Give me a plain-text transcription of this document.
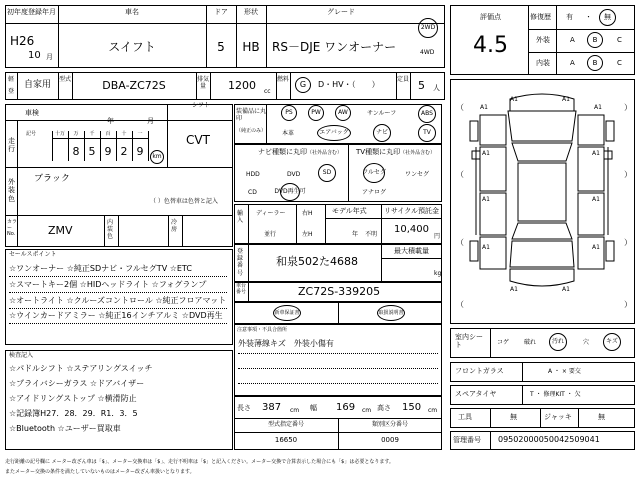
初年度登録年月	車名	ドア	形状	グレード
H26
10 月
スイフト	5	HB	RS－DJE ワンオーナー
2WD
4WD
軽
登
自家用
型式	DBA-ZC72S	排気量	1200 cc
燃料
G	D・HV・（　　）
定員 5 人
車検
年	月
シフト
CVT
走行
記号	十万	万	千	百	十	一
8 5 9 2 9	km
外装色
ブラック
（ ）色替車は色替と記入
カラー No.	ZMV
内装色
冷房
セールスポイント
☆ワンオーナー ☆純正SDナビ・フルセグTV ☆ETC
☆スマートキー2個 ☆HIDヘッドライト ☆フォグランプ
☆オートライト ☆クルーズコントロール ☆純正フロアマット
☆ウインカードアミラー ☆純正16インチアルミ ☆DVD再生
検査記入
☆パドルシフト ☆ステアリングスイッチ
☆プライバシーガラス ☆ドアバイザー
☆アイドリングストップ ☆横滑防止
☆記録簿H27．28．29．R1．3．5
☆Bluetooth ☆ユーザー買取車
装備品に丸印
（純正のみ）
PS	PW	AW	サンルーフ	ABS
本革	エアバック	ナビ	TV
ナビ種類に丸印（社外品含む）
HDD	DVD	SD
CD	DVD再生可
TV種類に丸印（社外品含む）
フルセグ	ワンセグ
アナログ
輸入
ディーラー
並行
右H
左H
モデル年式
年 不明
リサイクル預託金
10,400
円
登録番号
和泉502た4688
最大積載量
kg
車台番号	ZC72S-339205
新車保証書	取扱説明書
注意事項・不具合箇所
外装薄線キズ　外装小傷有
長さ 387 cm 幅 169 cm 高さ 150 cm
型式指定番号	類別区分番号
16650	0009
評価点
4.5
修復歴 有 ・	無
外装	A	B	C
内装	A	B	C
A1	A1
A1	A1
A1	A1
A1	A1
A1	A1
A1	A1
（	）
（	）
（	）
（	）
室内シート	コゲ 破れ	汚れ	穴	キズ
フロントガラス	A ・ × 要交
スペアタイヤ	T ・ 修理KIT ・ 欠
工具	無	ジャッキ	無
管理番号 09502000050042509041
走行距離の記号欄に メーター改ざん車は「$」、メーター交換車は「$」、走行不明車は「$」と記入ください。メーター交換で合算表示した場合にも「$」は必要となります。
またメーター交換の条件を満たしていないものはメーター改ざん車扱いとなります。
